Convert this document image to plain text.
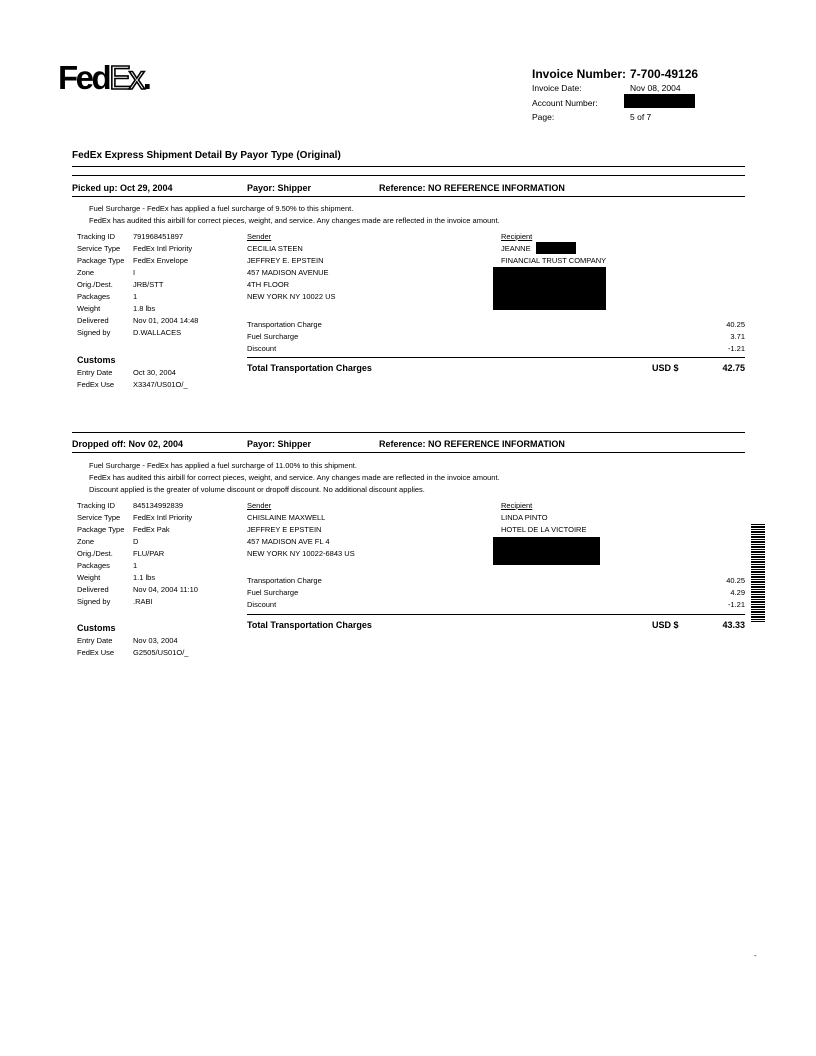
FedEx.	Invoice Number: 7-700-49126
Invoice Date:	Nov 08, 2004
Account Number:
Page:	5 of 7
FedEx Express Shipment Detail By Payor Type (Original)
Picked up: Oct 29, 2004	Payor: Shipper	Reference: NO REFERENCE INFORMATION
Fuel Surcharge - FedEx has applied a fuel surcharge of 9.50% to this shipment.
FedEx has audited this airbill for correct pieces, weight, and service. Any changes made are reflected in the invoice amount.
Tracking ID 791968451897
Service Type FedEx Intl Priority
Package Type FedEx Envelope
Zone	I
Orig./Dest.	JRB/STT
Packages	1
Weight	1.8 lbs
Delivered	Nov 01, 2004 14:48
Signed by	D.WALLACES
Customs
Entry Date	Oct 30, 2004
FedEx Use	X3347/US01O/_
Sender
CECILIA STEEN
JEFFREY E. EPSTEIN
457 MADISON AVENUE
4TH FLOOR
NEW YORK NY 10022 US
Recipient
JEANNE
FINANCIAL TRUST COMPANY
Transportation Charge	40.25
Fuel Surcharge	3.71
Discount	-1.21
Total Transportation Charges	USD $	42.75
Dropped off: Nov 02, 2004	Payor: Shipper	Reference: NO REFERENCE INFORMATION
Fuel Surcharge - FedEx has applied a fuel surcharge of 11.00% to this shipment.
FedEx has audited this airbill for correct pieces, weight, and service. Any changes made are reflected in the invoice amount.
Discount applied is the greater of volume discount or dropoff discount. No additional discount applies.
Tracking ID 845134992839
Service Type FedEx Intl Priority
Package Type FedEx Pak
Zone	D
Orig./Dest.	FLU/PAR
Packages	1
Weight	1.1 lbs
Delivered	Nov 04, 2004 11:10
Signed by	.RABI
Customs
Entry Date	Nov 03, 2004
FedEx Use	G2505/US01O/_
Sender
CHISLAINE MAXWELL
JEFFREY E EPSTEIN
457 MADISON AVE FL 4
NEW YORK NY 10022-6843 US
Recipient
LINDA PINTO
HOTEL DE LA VICTOIRE
Transportation Charge	40.25
Fuel Surcharge	4.29
Discount	-1.21
Total Transportation Charges	USD $	43.33
-
